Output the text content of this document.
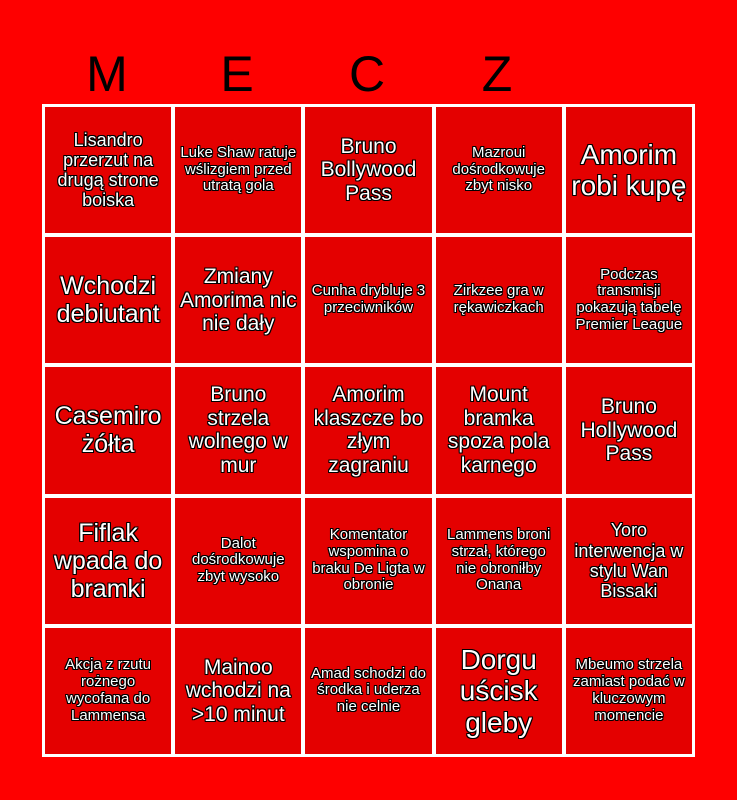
M	E	C	Z
Lisandro przerzut na drugą strone boiska
Luke Shaw ratuje wślizgiem przed utratą gola
Bruno Bollywood Pass
Mazroui dośrodkowuje zbyt nisko
Amorim robi kupę
Wchodzi debiutant
Zmiany Amorima nic nie dały
Cunha drybluje 3 przeciwników
Zirkzee gra w rękawiczkach
Podczas transmisji pokazują tabelę Premier League
Casemiro żółta
Bruno strzela wolnego w mur
Amorim klaszcze bo złym zagraniu
Mount bramka spoza pola karnego
Bruno Hollywood Pass
Fiflak wpada do bramki
Dalot dośrodkowuje zbyt wysoko
Komentator wspomina o braku De Ligta w obronie
Lammens broni strzał, którego nie obroniłby Onana
Yoro interwencja w stylu Wan Bissaki
Akcja z rzutu rożnego wycofana do Lammensa
Mainoo wchodzi na >10 minut
Amad schodzi do środka i uderza nie celnie
Dorgu uścisk gleby
Mbeumo strzela zamiast podać w kluczowym momencie
